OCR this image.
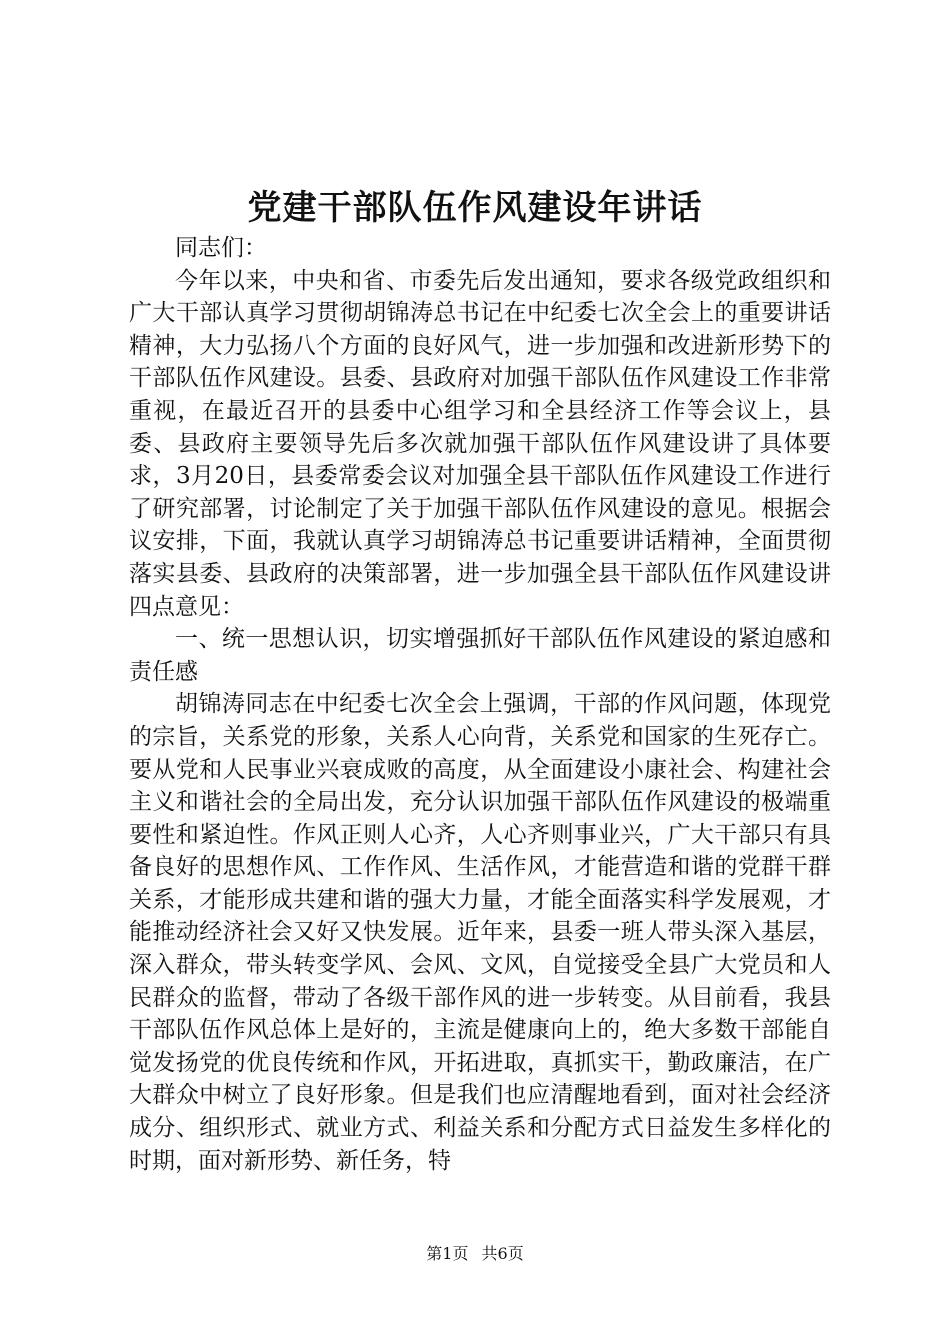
党建干部队伍作风建设年讲话

同志们：

今年以来，中央和省、市委先后发出通知，要求各级党政组织和广大干部认真学习贯彻胡锦涛总书记在中纪委七次全会上的重要讲话精神，大力弘扬八个方面的良好风气，进一步加强和改进新形势下的干部队伍作风建设。县委、县政府对加强干部队伍作风建设工作非常重视，在最近召开的县委中心组学习和全县经济工作等会议上，县委、县政府主要领导先后多次就加强干部队伍作风建设讲了具体要求，3月20日，县委常委会议对加强全县干部队伍作风建设工作进行了研究部署，讨论制定了关于加强干部队伍作风建设的意见。根据会议安排，下面，我就认真学习胡锦涛总书记重要讲话精神，全面贯彻落实县委、县政府的决策部署，进一步加强全县干部队伍作风建设讲四点意见：

一、统一思想认识，切实增强抓好干部队伍作风建设的紧迫感和责任感

胡锦涛同志在中纪委七次全会上强调，干部的作风问题，体现党的宗旨，关系党的形象，关系人心向背，关系党和国家的生死存亡。要从党和人民事业兴衰成败的高度，从全面建设小康社会、构建社会主义和谐社会的全局出发，充分认识加强干部队伍作风建设的极端重要性和紧迫性。作风正则人心齐，人心齐则事业兴，广大干部只有具备良好的思想作风、工作作风、生活作风，才能营造和谐的党群干群关系，才能形成共建和谐的强大力量，才能全面落实科学发展观，才能推动经济社会又好又快发展。近年来，县委一班人带头深入基层，深入群众，带头转变学风、会风、文风，自觉接受全县广大党员和人民群众的监督，带动了各级干部作风的进一步转变。从目前看，我县干部队伍作风总体上是好的，主流是健康向上的，绝大多数干部能自觉发扬党的优良传统和作风，开拓进取，真抓实干，勤政廉洁，在广大群众中树立了良好形象。但是我们也应清醒地看到，面对社会经济成分、组织形式、就业方式、利益关系和分配方式日益发生多样化的时期，面对新形势、新任务，特

第1页 共6页
